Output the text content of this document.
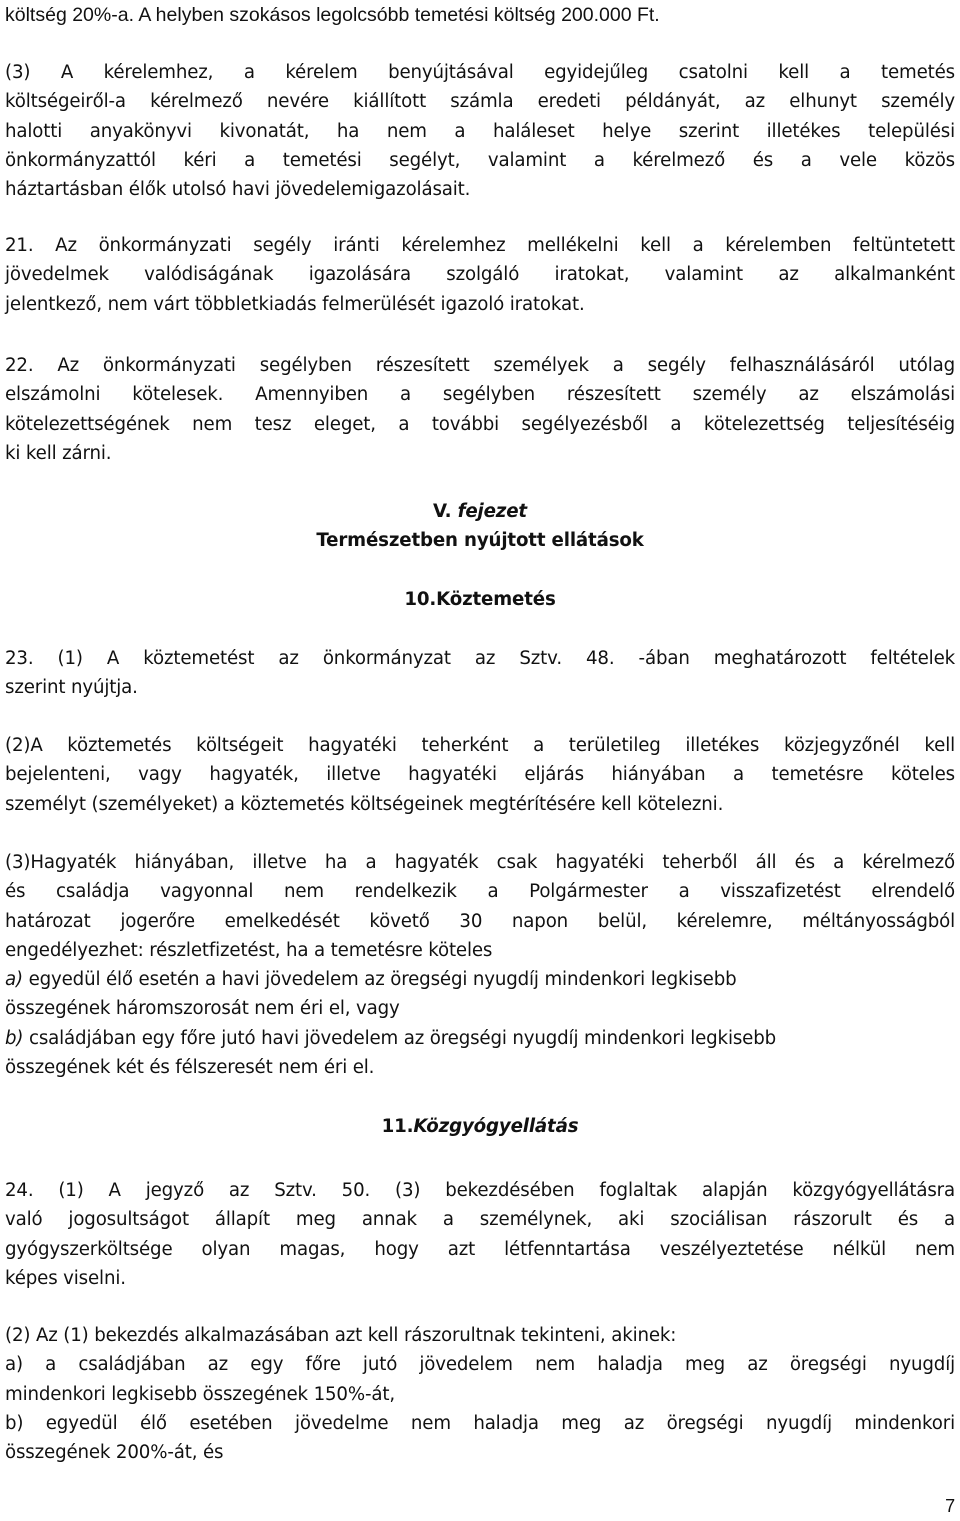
költség 20%-a. A helyben szokásos legolcsóbb temetési költség 200.000 Ft.
(3) A kérelemhez, a kérelem benyújtásával egyidejűleg csatolni kell a temetés
költségeiről-a kérelmező nevére kiállított számla eredeti példányát, az elhunyt személy
halotti anyakönyvi kivonatát, ha nem a haláleset helye szerint illetékes települési
önkormányzattól kéri a temetési segélyt, valamint a kérelmező és a vele közös
háztartásban élők utolsó havi jövedelemigazolásait.
21. Az önkormányzati segély iránti kérelemhez mellékelni kell a kérelemben feltüntetett
jövedelmek valódiságának igazolására szolgáló iratokat, valamint az alkalmanként
jelentkező, nem várt többletkiadás felmerülését igazoló iratokat.
22. Az önkormányzati segélyben részesített személyek a segély felhasználásáról utólag
elszámolni kötelesek. Amennyiben a segélyben részesített személy az elszámolási
kötelezettségének nem tesz eleget, a további segélyezésből a kötelezettség teljesítéséig
ki kell zárni.
V. fejezet
Természetben nyújtott ellátások
10.Köztemetés
23. (1) A köztemetést az önkormányzat az Sztv. 48. -ában meghatározott feltételek
szerint nyújtja.
(2)A köztemetés költségeit hagyatéki teherként a területileg illetékes közjegyzőnél kell
bejelenteni, vagy hagyaték, illetve hagyatéki eljárás hiányában a temetésre köteles
személyt (személyeket) a köztemetés költségeinek megtérítésére kell kötelezni.
(3)Hagyaték hiányában, illetve ha a hagyaték csak hagyatéki teherből áll és a kérelmező
és családja vagyonnal nem rendelkezik a Polgármester a visszafizetést elrendelő
határozat jogerőre emelkedését követő 30 napon belül, kérelemre, méltányosságból
engedélyezhet: részletfizetést, ha a temetésre köteles
a) egyedül élő esetén a havi jövedelem az öregségi nyugdíj mindenkori legkisebb
összegének háromszorosát nem éri el, vagy
b) családjában egy főre jutó havi jövedelem az öregségi nyugdíj mindenkori legkisebb
összegének két és félszeresét nem éri el.
11.Közgyógyellátás
24. (1) A jegyző az Sztv. 50. (3) bekezdésében foglaltak alapján közgyógyellátásra
való jogosultságot állapít meg annak a személynek, aki szociálisan rászorult és a
gyógyszerköltsége olyan magas, hogy azt létfenntartása veszélyeztetése nélkül nem
képes viselni.
(2) Az (1) bekezdés alkalmazásában azt kell rászorultnak tekinteni, akinek:
a) a családjában az egy főre jutó jövedelem nem haladja meg az öregségi nyugdíj
mindenkori legkisebb összegének 150%-át,
b) egyedül élő esetében jövedelme nem haladja meg az öregségi nyugdíj mindenkori
összegének 200%-át, és
7
